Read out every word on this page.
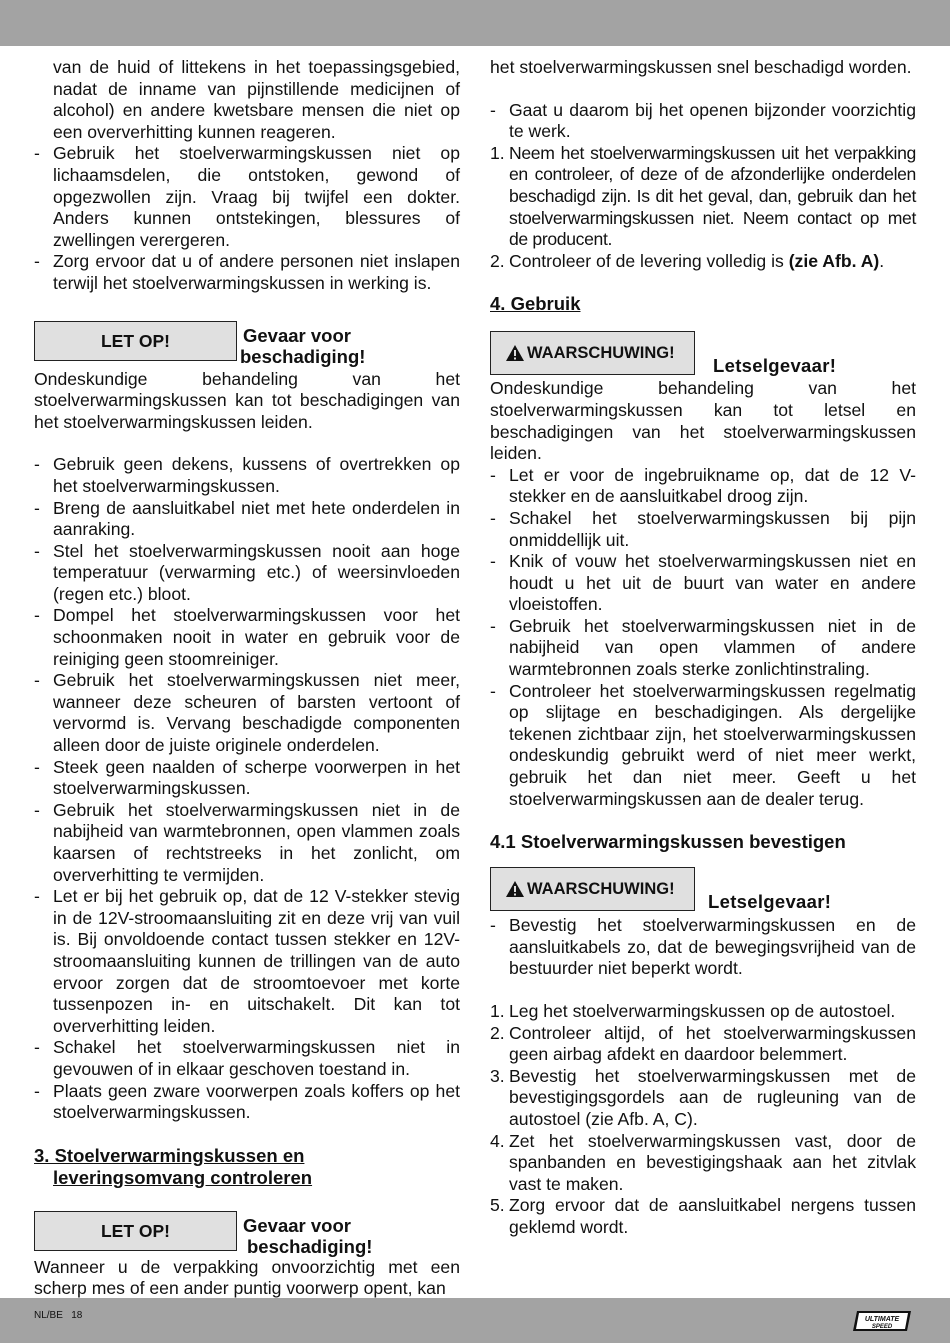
van de huid of littekens in het toepassingsgebied, nadat de inname van pijnstillende medicijnen of alcohol) en andere kwetsbare mensen die niet op een oververhitting kunnen reageren.

- Gebruik het stoelverwarmingskussen niet op lichaamsdelen, die ontstoken, gewond of opgezwollen zijn. Vraag bij twijfel een dokter. Anders kunnen ontstekingen, blessures of zwellingen verergeren.
- Zorg ervoor dat u of andere personen niet inslapen terwijl het stoelverwarmingskussen in werking is.
LET OP!	Gevaar voor
beschadiging!

Ondeskundige behandeling van het stoelverwarmingskussen kan tot beschadigingen van het stoelverwarmingskussen leiden.

- Gebruik geen dekens, kussens of overtrekken op het stoelverwarmingskussen.
- Breng de aansluitkabel niet met hete onderdelen in aanraking.
- Stel het stoelverwarmingskussen nooit aan hoge temperatuur (verwarming etc.) of weersinvloeden (regen etc.) bloot.
- Dompel het stoelverwarmingskussen voor het schoonmaken nooit in water en gebruik voor de reiniging geen stoomreiniger.
- Gebruik het stoelverwarmingskussen niet meer, wanneer deze scheuren of barsten vertoont of vervormd is. Vervang beschadigde componenten alleen door de juiste originele onderdelen.
- Steek geen naalden of scherpe voorwerpen in het stoelverwarmingskussen.
- Gebruik het stoelverwarmingskussen niet in de nabijheid van warmtebronnen, open vlammen zoals kaarsen of rechtstreeks in het zonlicht, om oververhitting te vermijden.
- Let er bij het gebruik op, dat de 12 V-stekker stevig in de 12V-stroomaansluiting zit en deze vrij van vuil is. Bij onvoldoende contact tussen stekker en 12V-stroomaansluiting kunnen de trillingen van de auto ervoor zorgen dat de stroomtoevoer met korte tussenpozen in- en uitschakelt. Dit kan tot oververhitting leiden.
- Schakel het stoelverwarmingskussen niet in gevouwen of in elkaar geschoven toestand in.
- Plaats geen zware voorwerpen zoals koffers op het stoelverwarmingskussen.
3. Stoelverwarmingskussen en
leveringsomvang controleren
LET OP!	Gevaar voor
beschadiging!

Wanneer u de verpakking onvoorzichtig met een scherp mes of een ander puntig voorwerp opent, kan

het stoelverwarmingskussen snel beschadigd worden.

- Gaat u daarom bij het openen bijzonder voorzichtig te werk.
1. Neem het stoelverwarmingskussen uit het verpakking en controleer, of deze of de afzonderlijke onderdelen beschadigd zijn. Is dit het geval, dan, gebruik dan het stoelverwarmingskussen niet. Neem contact op met de producent.
2. Controleer of de levering volledig is (zie Afb. A).
4. Gebruik
WAARSCHUWING!
Letselgevaar!

Ondeskundige behandeling van het stoelverwarmingskussen kan tot letsel en beschadigingen van het stoelverwarmingskussen leiden.

- Let er voor de ingebruikname op, dat de 12 V-stekker en de aansluitkabel droog zijn.
- Schakel het stoelverwarmingskussen bij pijn onmiddellijk uit.
- Knik of vouw het stoelverwarmingskussen niet en houdt u het uit de buurt van water en andere vloeistoffen.
- Gebruik het stoelverwarmingskussen niet in de nabijheid van open vlammen of andere warmtebronnen zoals sterke zonlichtinstraling.
- Controleer het stoelverwarmingskussen regelmatig op slijtage en beschadigingen. Als dergelijke tekenen zichtbaar zijn, het stoelverwarmingskussen ondeskundig gebruikt werd of niet meer werkt, gebruik het dan niet meer. Geeft u het stoelverwarmingskussen aan de dealer terug.
4.1 Stoelverwarmingskussen bevestigen
WAARSCHUWING!
Letselgevaar!
- Bevestig het stoelverwarmingskussen en de aansluitkabels zo, dat de bewegingsvrijheid van de bestuurder niet beperkt wordt.
1. Leg het stoelverwarmingskussen op de autostoel.
2. Controleer altijd, of het stoelverwarmingskussen geen airbag afdekt en daardoor belemmert.
3. Bevestig het stoelverwarmingskussen met de bevestigingsgordels aan de rugleuning van de autostoel (zie Afb. A, C).
4. Zet het stoelverwarmingskussen vast, door de spanbanden en bevestigingshaak aan het zitvlak vast te maken.
5. Zorg ervoor dat de aansluitkabel nergens tussen geklemd wordt.
NL/BE   18	ULTIMATE
SPEED
